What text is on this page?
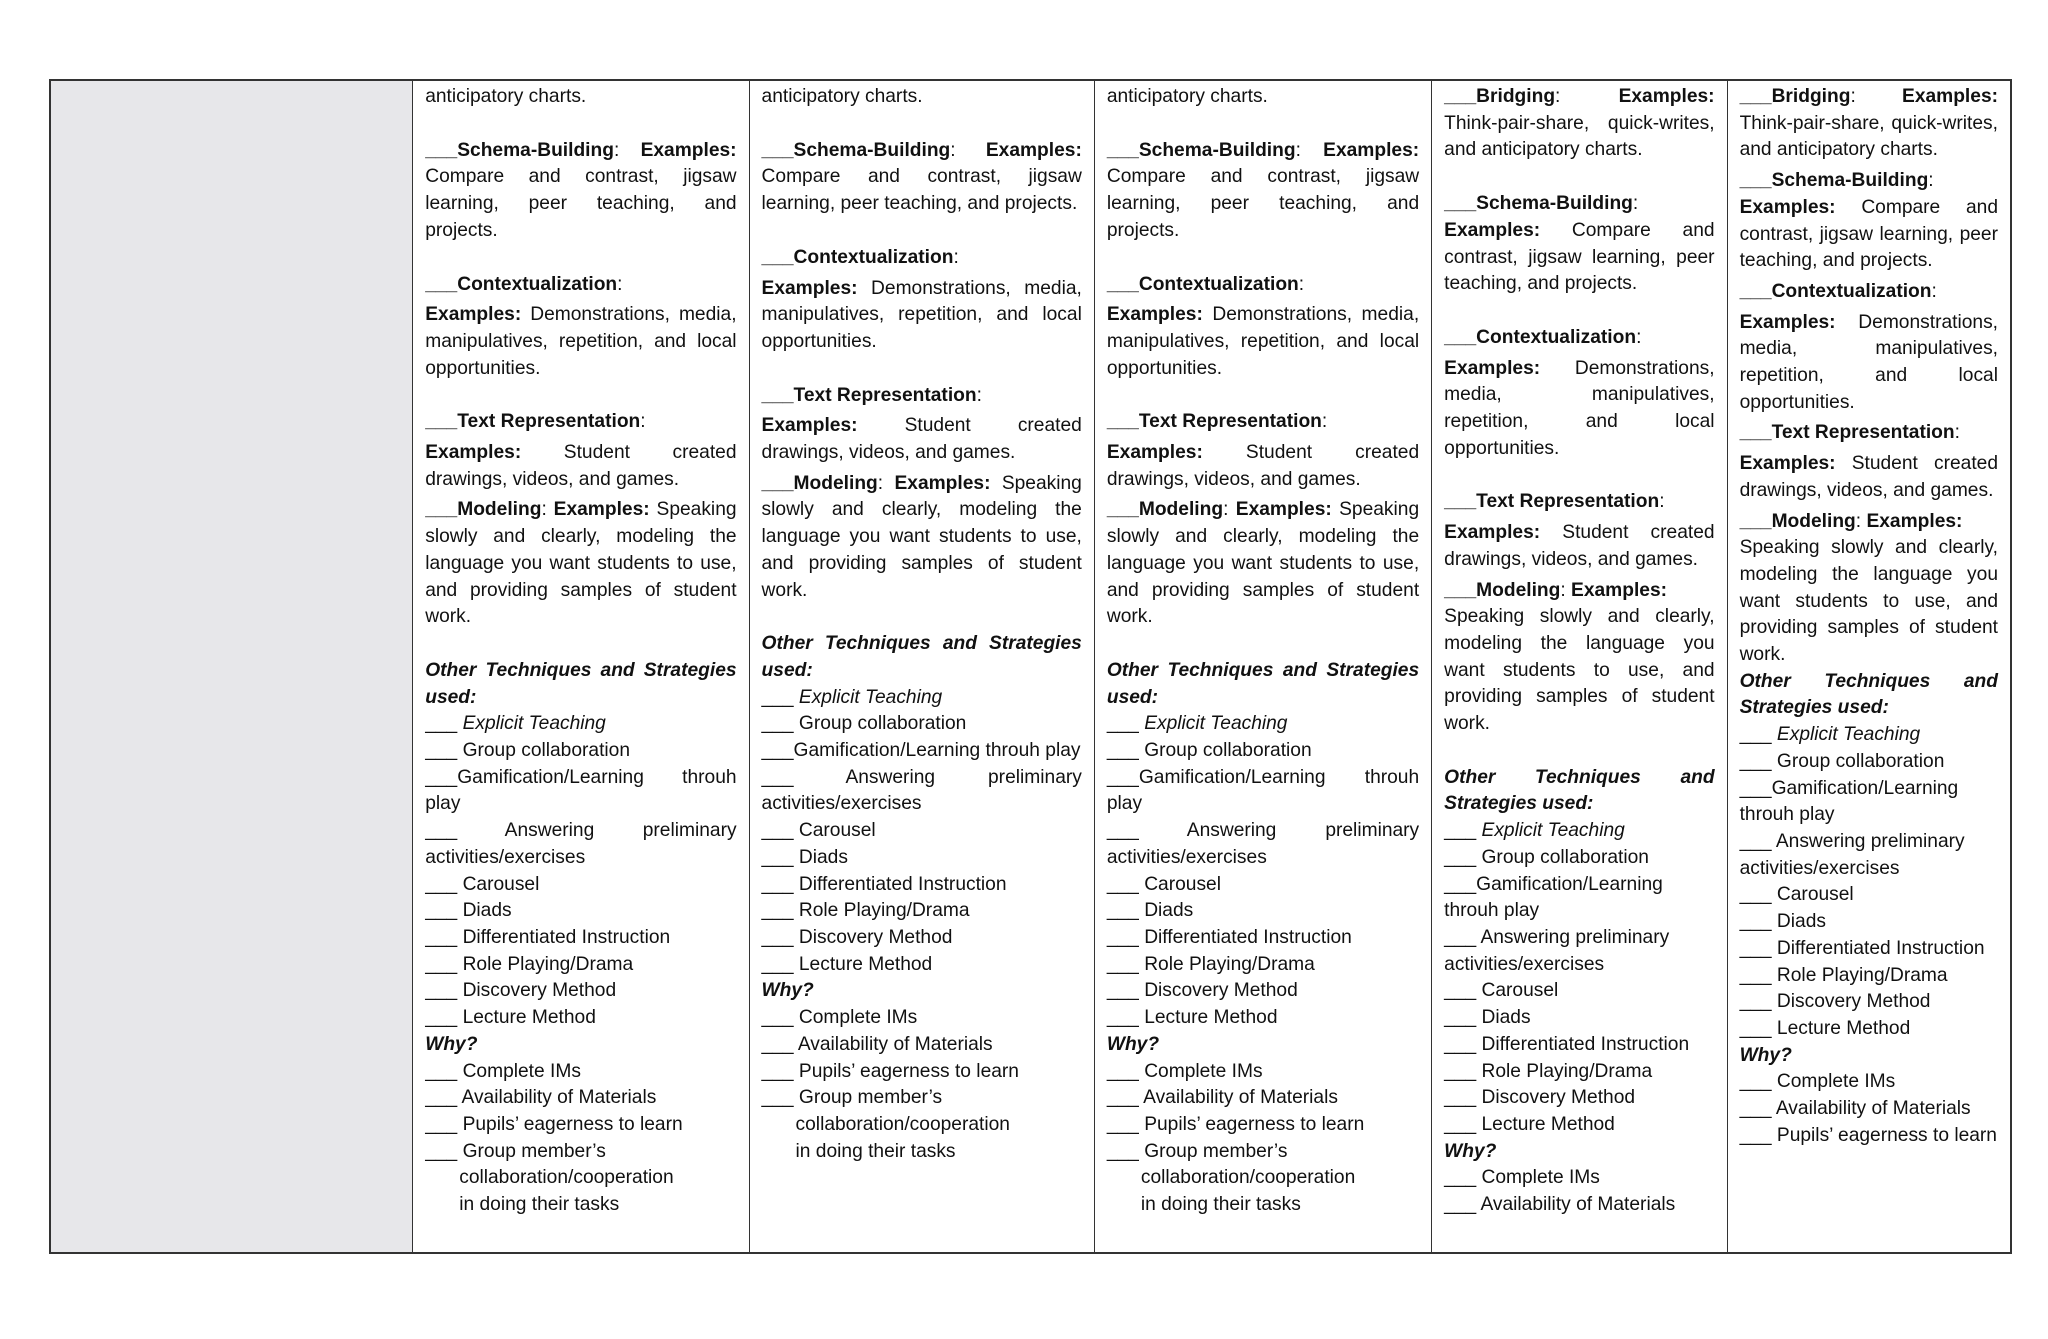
anticipatory charts.

___Schema-Building: Examples: Compare and contrast, jigsaw learning, peer teaching, and projects.

___Contextualization:

Examples: Demonstrations, media, manipulatives, repetition, and local opportunities.

___Text Representation:

Examples: Student created drawings, videos, and games.

___Modeling: Examples: Speaking slowly and clearly, modeling the language you want students to use, and providing samples of student work.

Other Techniques and Strategies used:

___ Explicit Teaching

___ Group collaboration

___Gamification/Learning throuh play

___ Answering preliminary activities/exercises

___ Carousel

___ Diads

___ Differentiated Instruction

___ Role Playing/Drama

___ Discovery Method

___ Lecture Method

Why?

___ Complete IMs

___ Availability of Materials

___ Pupils’ eagerness to learn

___ Group member’s

collaboration/cooperation

in doing their tasks

anticipatory charts.

___Schema-Building: Examples: Compare and contrast, jigsaw learning, peer teaching, and projects.

___Contextualization:

Examples: Demonstrations, media, manipulatives, repetition, and local opportunities.

___Text Representation:

Examples: Student created drawings, videos, and games.

___Modeling: Examples: Speaking slowly and clearly, modeling the language you want students to use, and providing samples of student work.

Other Techniques and Strategies used:

___ Explicit Teaching

___ Group collaboration

___Gamification/Learning throuh play

___ Answering preliminary activities/exercises

___ Carousel

___ Diads

___ Differentiated Instruction

___ Role Playing/Drama

___ Discovery Method

___ Lecture Method

Why?

___ Complete IMs

___ Availability of Materials

___ Pupils’ eagerness to learn

___ Group member’s

collaboration/cooperation

in doing their tasks

anticipatory charts.

___Schema-Building: Examples: Compare and contrast, jigsaw learning, peer teaching, and projects.

___Contextualization:

Examples: Demonstrations, media, manipulatives, repetition, and local opportunities.

___Text Representation:

Examples: Student created drawings, videos, and games.

___Modeling: Examples: Speaking slowly and clearly, modeling the language you want students to use, and providing samples of student work.

Other Techniques and Strategies used:

___ Explicit Teaching

___ Group collaboration

___Gamification/Learning throuh play

___ Answering preliminary activities/exercises

___ Carousel

___ Diads

___ Differentiated Instruction

___ Role Playing/Drama

___ Discovery Method

___ Lecture Method

Why?

___ Complete IMs

___ Availability of Materials

___ Pupils’ eagerness to learn

___ Group member’s

collaboration/cooperation

in doing their tasks

___Bridging: Examples: Think-pair-share, quick-writes, and anticipatory charts.

___Schema-Building:

Examples: Compare and contrast, jigsaw learning, peer teaching, and projects.

___Contextualization:

Examples: Demonstrations, media, manipulatives, repetition, and local opportunities.

___Text Representation:

Examples: Student created drawings, videos, and games.

___Modeling: Examples:

Speaking slowly and clearly, modeling the language you want students to use, and providing samples of student work.

Other Techniques and Strategies used:

___ Explicit Teaching

___ Group collaboration

___Gamification/Learning

throuh play

___ Answering preliminary

activities/exercises

___ Carousel

___ Diads

___ Differentiated Instruction

___ Role Playing/Drama

___ Discovery Method

___ Lecture Method

Why?

___ Complete IMs

___ Availability of Materials

___Bridging: Examples: Think-pair-share, quick-writes, and anticipatory charts.

___Schema-Building:

Examples: Compare and contrast, jigsaw learning, peer teaching, and projects.

___Contextualization:

Examples: Demonstrations, media, manipulatives, repetition, and local opportunities.

___Text Representation:

Examples: Student created drawings, videos, and games.

___Modeling: Examples:

Speaking slowly and clearly, modeling the language you want students to use, and providing samples of student work.

Other Techniques and Strategies used:

___ Explicit Teaching

___ Group collaboration

___Gamification/Learning

throuh play

___ Answering preliminary

activities/exercises

___ Carousel

___ Diads

___ Differentiated Instruction

___ Role Playing/Drama

___ Discovery Method

___ Lecture Method

Why?

___ Complete IMs

___ Availability of Materials

___ Pupils’ eagerness to learn
